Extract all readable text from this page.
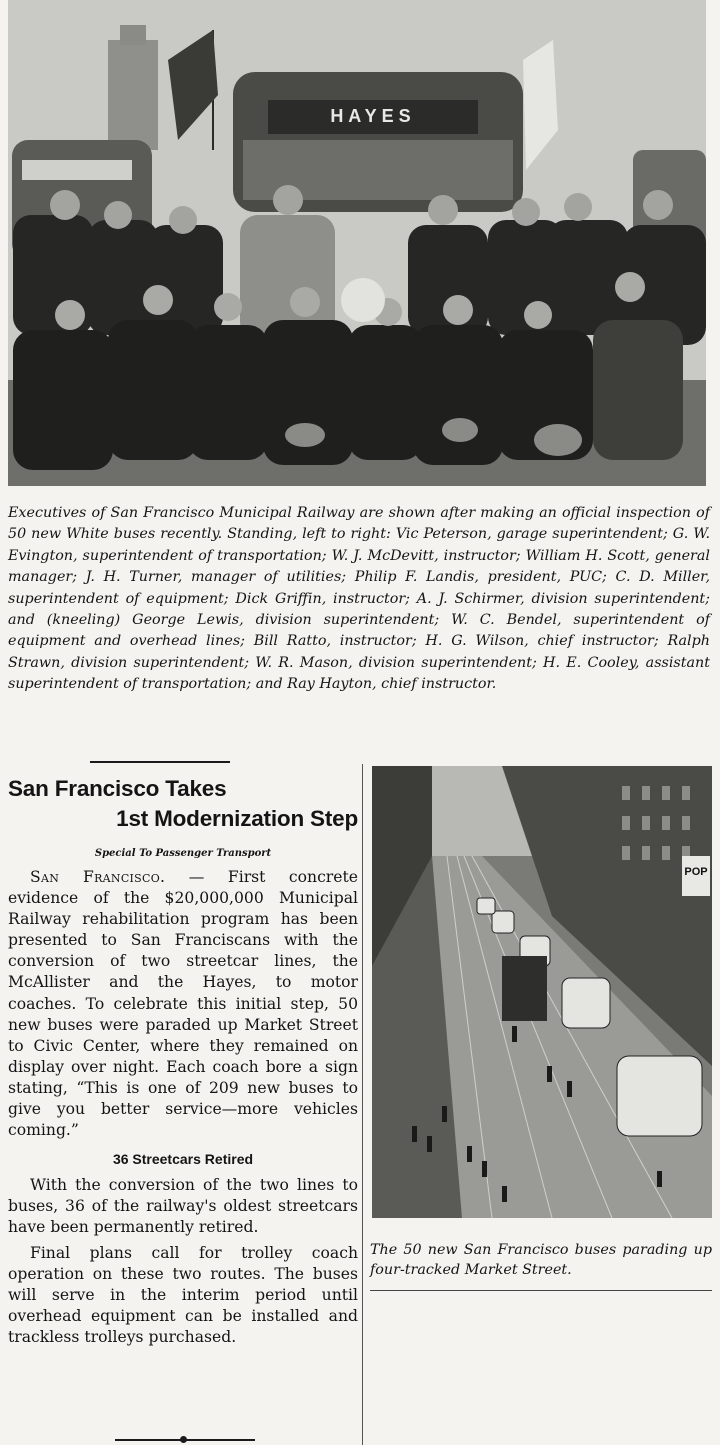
HAYES
Executives of San Francisco Municipal Railway are shown after making an official inspection of 50 new White buses recently. Standing, left to right: Vic Peterson, garage superintendent; G. W. Evington, superintendent of transportation; W. J. McDevitt, instructor; William H. Scott, general manager; J. H. Turner, manager of utilities; Philip F. Landis, president, PUC; C. D. Miller, superintendent of equipment; Dick Griffin, instructor; A. J. Schirmer, division superintendent; and (kneeling) George Lewis, division superintendent; W. C. Bendel, superintendent of equipment and overhead lines; Bill Ratto, instructor; H. G. Wilson, chief instructor; Ralph Strawn, division superintendent; W. R. Mason, division superintendent; H. E. Cooley, assistant superintendent of transportation; and Ray Hayton, chief instructor.
San Francisco Takes
1st Modernization Step
Special To Passenger Transport

San Francisco. — First concrete evidence of the $20,000,000 Municipal Railway rehabilitation program has been presented to San Franciscans with the conversion of two streetcar lines, the McAllister and the Hayes, to motor coaches. To celebrate this initial step, 50 new buses were paraded up Market Street to Civic Center, where they remained on display over night. Each coach bore a sign stating, “This is one of 209 new buses to give you better service—more vehicles coming.”

36 Streetcars Retired

With the conversion of the two lines to buses, 36 of the railway's oldest streetcars have been permanently retired.

Final plans call for trolley coach operation on these two routes. The buses will serve in the interim period until overhead equipment can be installed and trackless trolleys purchased.

POP
The 50 new San Francisco buses parading up four-tracked Market Street.
